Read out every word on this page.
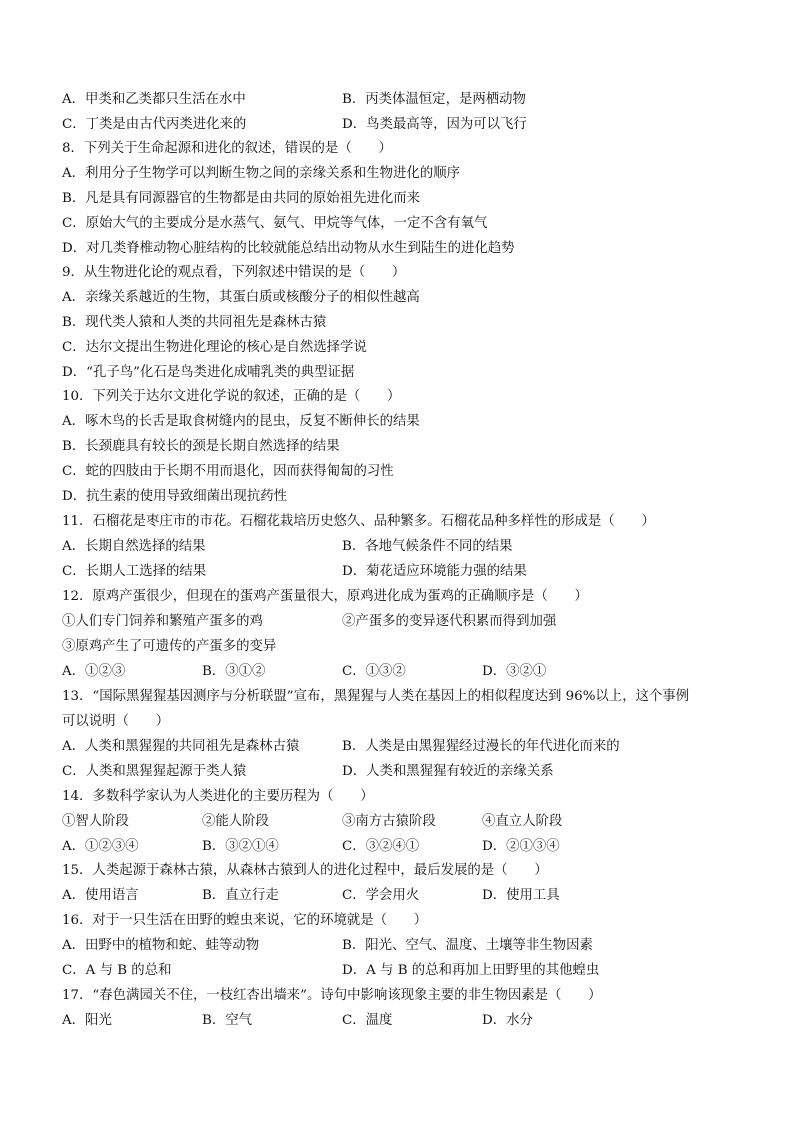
A．甲类和乙类都只生活在水中	B．丙类体温恒定，是两栖动物
C．丁类是由古代丙类进化来的	D．鸟类最高等，因为可以飞行
8．下列关于生命起源和进化的叙述，错误的是（　　）
A．利用分子生物学可以判断生物之间的亲缘关系和生物进化的顺序
B．凡是具有同源器官的生物都是由共同的原始祖先进化而来
C．原始大气的主要成分是水蒸气、氨气、甲烷等气体，一定不含有氧气
D．对几类脊椎动物心脏结构的比较就能总结出动物从水生到陆生的进化趋势
9．从生物进化论的观点看，下列叙述中错误的是（　　）
A．亲缘关系越近的生物，其蛋白质或核酸分子的相似性越高
B．现代类人猿和人类的共同祖先是森林古猿
C．达尔文提出生物进化理论的核心是自然选择学说
D．“孔子鸟”化石是鸟类进化成哺乳类的典型证据
10．下列关于达尔文进化学说的叙述，正确的是（　　）
A．啄木鸟的长舌是取食树缝内的昆虫，反复不断伸长的结果
B．长颈鹿具有较长的颈是长期自然选择的结果
C．蛇的四肢由于长期不用而退化，因而获得匍匐的习性
D．抗生素的使用导致细菌出现抗药性
11．石榴花是枣庄市的市花。石榴花栽培历史悠久、品种繁多。石榴花品种多样性的形成是（　　）
A．长期自然选择的结果	B．各地气候条件不同的结果
C．长期人工选择的结果	D．菊花适应环境能力强的结果
12．原鸡产蛋很少，但现在的蛋鸡产蛋量很大，原鸡进化成为蛋鸡的正确顺序是（　　）
①人们专门饲养和繁殖产蛋多的鸡	②产蛋多的变异逐代积累而得到加强
③原鸡产生了可遗传的产蛋多的变异
A．①②③	B．③①②	C．①③②	D．③②①
13．“国际黑猩猩基因测序与分析联盟”宣布，黑猩猩与人类在基因上的相似程度达到 96%以上，这个事例
可以说明（　　）
A．人类和黑猩猩的共同祖先是森林古猿	B．人类是由黑猩猩经过漫长的年代进化而来的
C．人类和黑猩猩起源于类人猿	D．人类和黑猩猩有较近的亲缘关系
14．多数科学家认为人类进化的主要历程为（　　）
①智人阶段	②能人阶段	③南方古猿阶段	④直立人阶段
A．①②③④	B．③②①④	C．③②④①	D．②①③④
15．人类起源于森林古猿，从森林古猿到人的进化过程中，最后发展的是（　　）
A．使用语言	B．直立行走	C．学会用火	D．使用工具
16．对于一只生活在田野的蝗虫来说，它的环境就是（　　）
A．田野中的植物和蛇、蛙等动物	B．阳光、空气、温度、土壤等非生物因素
C．A 与 B 的总和	D．A 与 B 的总和再加上田野里的其他蝗虫
17．“春色满园关不住，一枝红杏出墙来”。诗句中影响该现象主要的非生物因素是（　　）
A．阳光	B．空气	C．温度	D．水分
